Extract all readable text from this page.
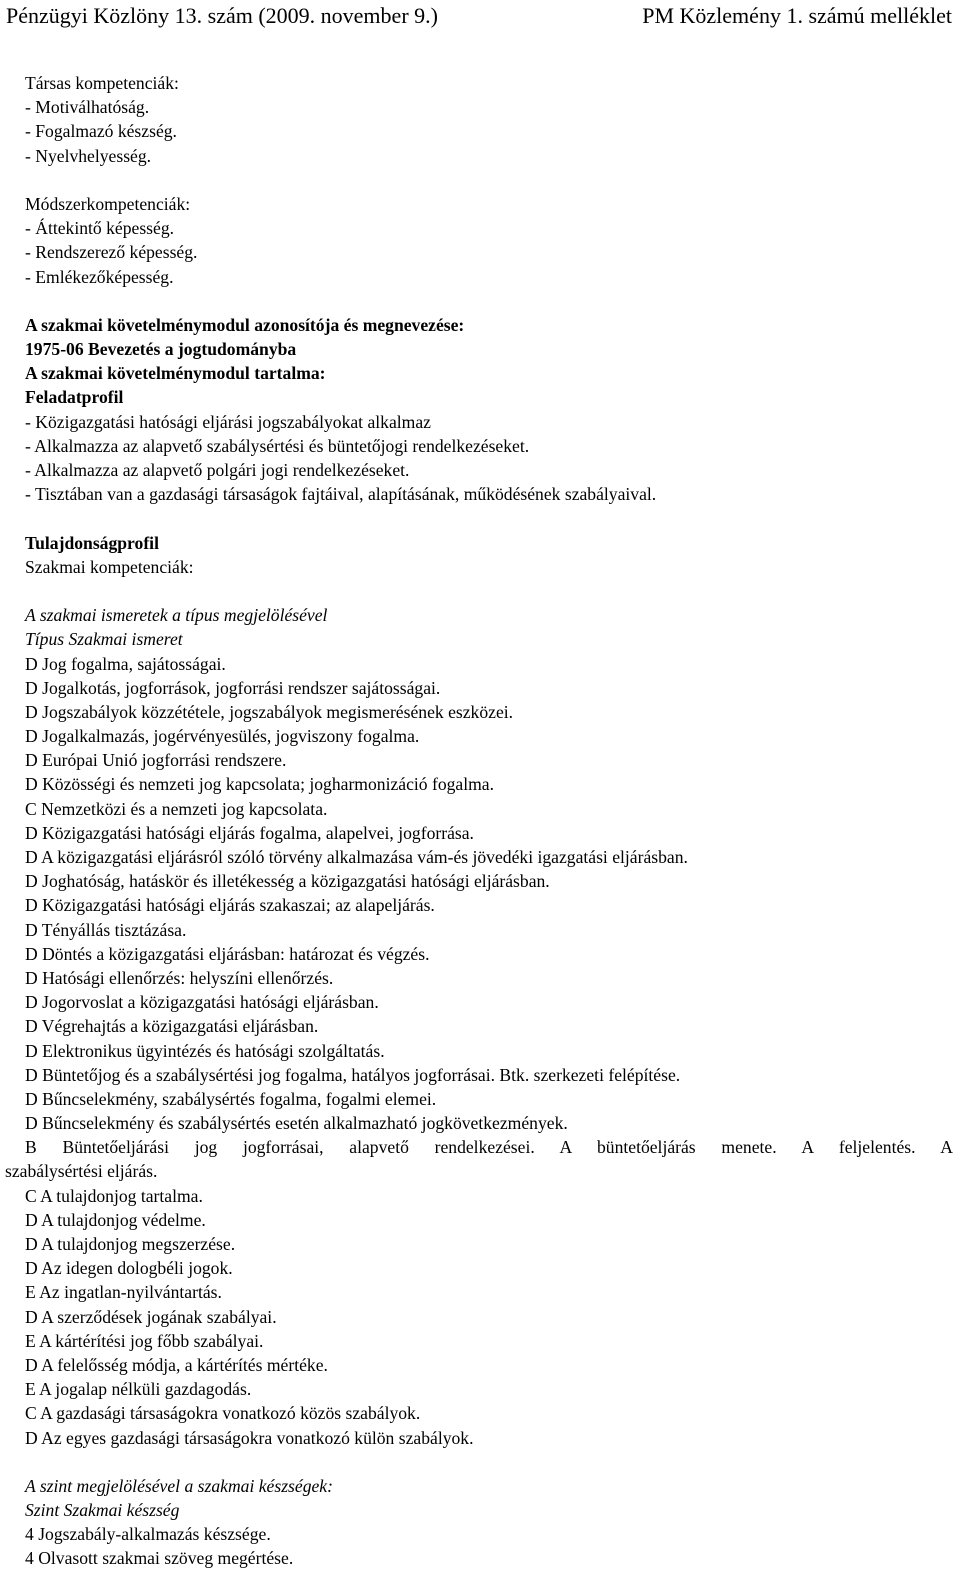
Pénzügyi Közlöny 13. szám (2009. november 9.)	PM Közlemény 1. számú melléklet
Társas kompetenciák:
- Motiválhatóság.
- Fogalmazó készség.
- Nyelvhelyesség.
Módszerkompetenciák:
- Áttekintő képesség.
- Rendszerező képesség.
- Emlékezőképesség.
A szakmai követelménymodul azonosítója és megnevezése:
1975-06 Bevezetés a jogtudományba
A szakmai követelménymodul tartalma:
Feladatprofil
- Közigazgatási hatósági eljárási jogszabályokat alkalmaz
- Alkalmazza az alapvető szabálysértési és büntetőjogi rendelkezéseket.
- Alkalmazza az alapvető polgári jogi rendelkezéseket.
- Tisztában van a gazdasági társaságok fajtáival, alapításának, működésének szabályaival.
Tulajdonságprofil
Szakmai kompetenciák:
A szakmai ismeretek a típus megjelölésével
Típus Szakmai ismeret
D Jog fogalma, sajátosságai.
D Jogalkotás, jogforrások, jogforrási rendszer sajátosságai.
D Jogszabályok közzététele, jogszabályok megismerésének eszközei.
D Jogalkalmazás, jogérvényesülés, jogviszony fogalma.
D Európai Unió jogforrási rendszere.
D Közösségi és nemzeti jog kapcsolata; jogharmonizáció fogalma.
C Nemzetközi és a nemzeti jog kapcsolata.
D Közigazgatási hatósági eljárás fogalma, alapelvei, jogforrása.
D A közigazgatási eljárásról szóló törvény alkalmazása vám-és jövedéki igazgatási eljárásban.
D Joghatóság, hatáskör és illetékesség a közigazgatási hatósági eljárásban.
D Közigazgatási hatósági eljárás szakaszai; az alapeljárás.
D Tényállás tisztázása.
D Döntés a közigazgatási eljárásban: határozat és végzés.
D Hatósági ellenőrzés: helyszíni ellenőrzés.
D Jogorvoslat a közigazgatási hatósági eljárásban.
D Végrehajtás a közigazgatási eljárásban.
D Elektronikus ügyintézés és hatósági szolgáltatás.
D Büntetőjog és a szabálysértési jog fogalma, hatályos jogforrásai. Btk. szerkezeti felépítése.
D Bűncselekmény, szabálysértés fogalma, fogalmi elemei.
D Bűncselekmény és szabálysértés esetén alkalmazható jogkövetkezmények.
B Büntetőeljárási jog jogforrásai, alapvető rendelkezései. A büntetőeljárás menete. A feljelentés. A
szabálysértési eljárás.
C A tulajdonjog tartalma.
D A tulajdonjog védelme.
D A tulajdonjog megszerzése.
D Az idegen dologbéli jogok.
E Az ingatlan-nyilvántartás.
D A szerződések jogának szabályai.
E A kártérítési jog főbb szabályai.
D A felelősség módja, a kártérítés mértéke.
E A jogalap nélküli gazdagodás.
C A gazdasági társaságokra vonatkozó közös szabályok.
D Az egyes gazdasági társaságokra vonatkozó külön szabályok.
A szint megjelölésével a szakmai készségek:
Szint Szakmai készség
4 Jogszabály-alkalmazás készsége.
4 Olvasott szakmai szöveg megértése.
